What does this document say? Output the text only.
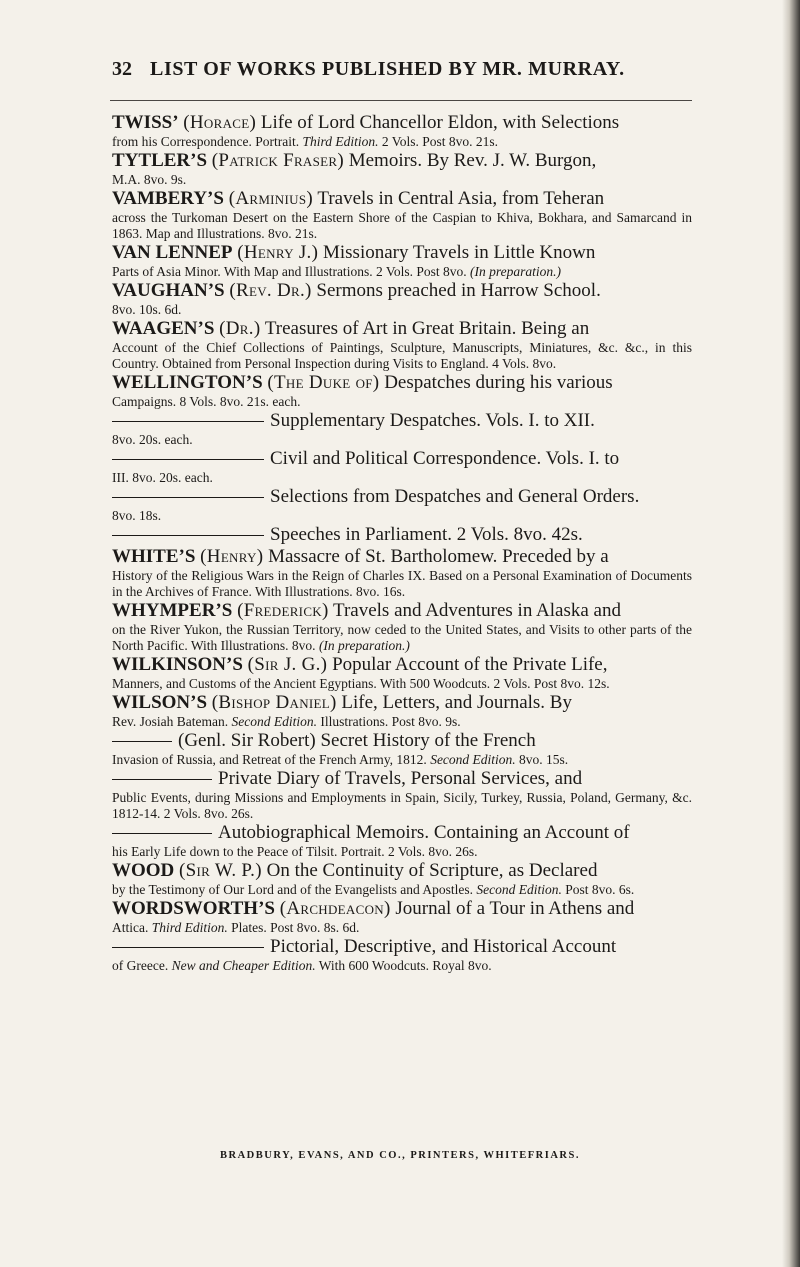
32 LIST OF WORKS PUBLISHED BY MR. MURRAY.
TWISS’ (Horace) Life of Lord Chancellor Eldon, with Selections
from his Correspondence. Portrait. Third Edition. 2 Vols. Post 8vo. 21s.
TYTLER’S (Patrick Fraser) Memoirs. By Rev. J. W. Burgon,
M.A. 8vo. 9s.
VAMBERY’S (Arminius) Travels in Central Asia, from Teheran
across the Turkoman Desert on the Eastern Shore of the Caspian to Khiva, Bokhara, and Samarcand in 1863. Map and Illustrations. 8vo. 21s.
VAN LENNEP (Henry J.) Missionary Travels in Little Known
Parts of Asia Minor. With Map and Illustrations. 2 Vols. Post 8vo. (In preparation.)
VAUGHAN’S (Rev. Dr.) Sermons preached in Harrow School.
8vo. 10s. 6d.
WAAGEN’S (Dr.) Treasures of Art in Great Britain. Being an
Account of the Chief Collections of Paintings, Sculpture, Manuscripts, Miniatures, &c. &c., in this Country. Obtained from Personal Inspection during Visits to England. 4 Vols. 8vo.
WELLINGTON’S (The Duke of) Despatches during his various
Campaigns. 8 Vols. 8vo. 21s. each.
Supplementary Despatches. Vols. I. to XII.
8vo. 20s. each.
Civil and Political Correspondence. Vols. I. to
III. 8vo. 20s. each.
Selections from Despatches and General Orders.
8vo. 18s.
Speeches in Parliament. 2 Vols. 8vo. 42s.
WHITE’S (Henry) Massacre of St. Bartholomew. Preceded by a
History of the Religious Wars in the Reign of Charles IX. Based on a Personal Examination of Documents in the Archives of France. With Illustrations. 8vo. 16s.
WHYMPER’S (Frederick) Travels and Adventures in Alaska and
on the River Yukon, the Russian Territory, now ceded to the United States, and Visits to other parts of the North Pacific. With Illustrations. 8vo. (In preparation.)
WILKINSON’S (Sir J. G.) Popular Account of the Private Life,
Manners, and Customs of the Ancient Egyptians. With 500 Woodcuts. 2 Vols. Post 8vo. 12s.
WILSON’S (Bishop Daniel) Life, Letters, and Journals. By
Rev. Josiah Bateman. Second Edition. Illustrations. Post 8vo. 9s.
(Genl. Sir Robert) Secret History of the French
Invasion of Russia, and Retreat of the French Army, 1812. Second Edition. 8vo. 15s.
Private Diary of Travels, Personal Services, and
Public Events, during Missions and Employments in Spain, Sicily, Turkey, Russia, Poland, Germany, &c. 1812-14. 2 Vols. 8vo. 26s.
Autobiographical Memoirs. Containing an Account of
his Early Life down to the Peace of Tilsit. Portrait. 2 Vols. 8vo. 26s.
WOOD (Sir W. P.) On the Continuity of Scripture, as Declared
by the Testimony of Our Lord and of the Evangelists and Apostles. Second Edition. Post 8vo. 6s.
WORDSWORTH’S (Archdeacon) Journal of a Tour in Athens and
Attica. Third Edition. Plates. Post 8vo. 8s. 6d.
Pictorial, Descriptive, and Historical Account
of Greece. New and Cheaper Edition. With 600 Woodcuts. Royal 8vo.
BRADBURY, EVANS, AND CO., PRINTERS, WHITEFRIARS.
